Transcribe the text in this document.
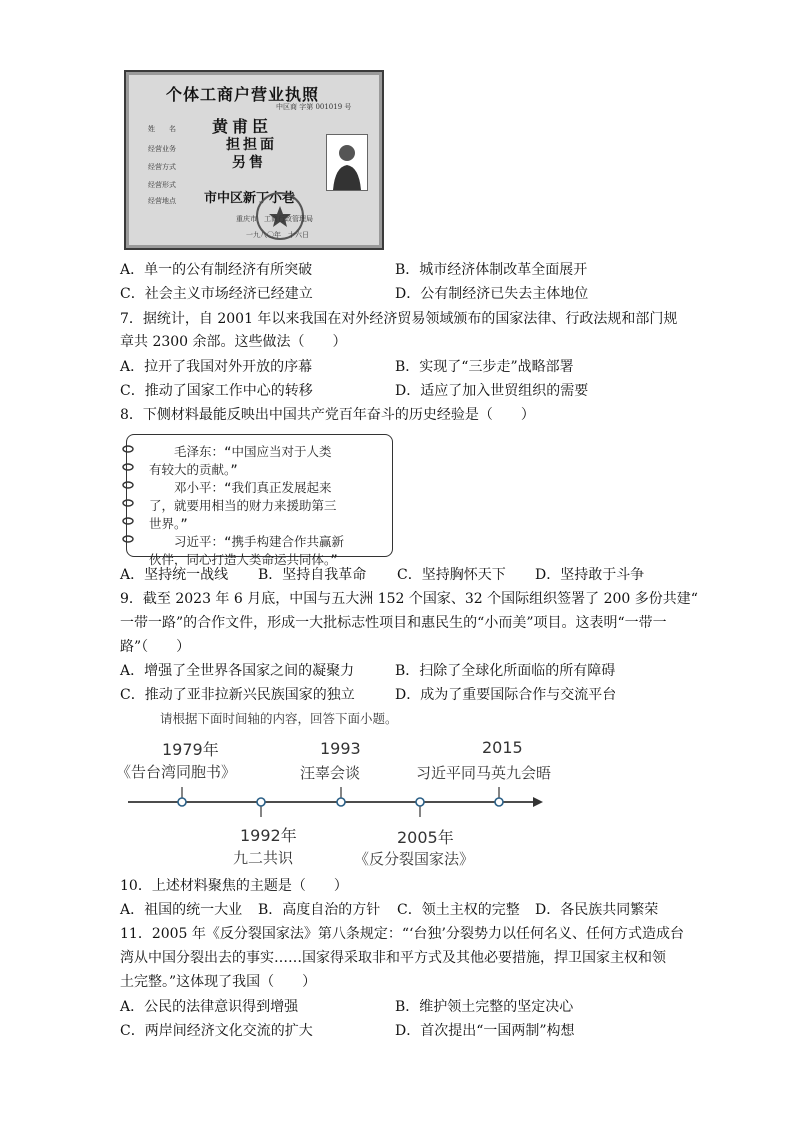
个体工商户营业执照
中区商 字第 001019 号
姓　　名
经营业务
经营方式
经营形式
经营地点
黄甫臣
担担面
另售
市中区新丁小巷
重庆市　工商行政管理局
一九八〇年　十六日
A．单一的公有制经济有所突破	B．城市经济体制改革全面展开
C．社会主义市场经济已经建立	D．公有制经济已失去主体地位
7．据统计，自 2001 年以来我国在对外经济贸易领域颁布的国家法律、行政法规和部门规
章共 2300 余部。这些做法（　　）
A．拉开了我国对外开放的序幕	B．实现了“三步走”战略部署
C．推动了国家工作中心的转移	D．适应了加入世贸组织的需要
8．下侧材料最能反映出中国共产党百年奋斗的历史经验是（　　）
　　毛泽东：“中国应当对于人类
有较大的贡献。”
　　邓小平：“我们真正发展起来
了，就要用相当的财力来援助第三
世界。”
　　习近平：“携手构建合作共赢新
伙伴，同心打造人类命运共同体。”
A．坚持统一战线 B．坚持自我革命 C．坚持胸怀天下 D．坚持敢于斗争
9．截至 2023 年 6 月底，中国与五大洲 152 个国家、32 个国际组织签署了 200 多份共建“
一带一路”的合作文件，形成一大批标志性项目和惠民生的“小而美”项目。这表明“一带一
路”（　　）
A．增强了全世界各国家之间的凝聚力	B．扫除了全球化所面临的所有障碍
C．推动了亚非拉新兴民族国家的独立	D．成为了重要国际合作与交流平台
请根据下面时间轴的内容，回答下面小题。
1979年
《告台湾同胞书》
1992年
九二共识
1993
汪辜会谈
2005年
《反分裂国家法》
2015
习近平同马英九会晤
10．上述材料聚焦的主题是（　　）
A．祖国的统一大业 B．高度自治的方针 C．领土主权的完整 D．各民族共同繁荣
11．2005 年《反分裂国家法》第八条规定：“‘台独’分裂势力以任何名义、任何方式造成台
湾从中国分裂出去的事实……国家得采取非和平方式及其他必要措施，捍卫国家主权和领
土完整。”这体现了我国（　　）
A．公民的法律意识得到增强	B．维护领土完整的坚定决心
C．两岸间经济文化交流的扩大	D．首次提出“一国两制”构想
